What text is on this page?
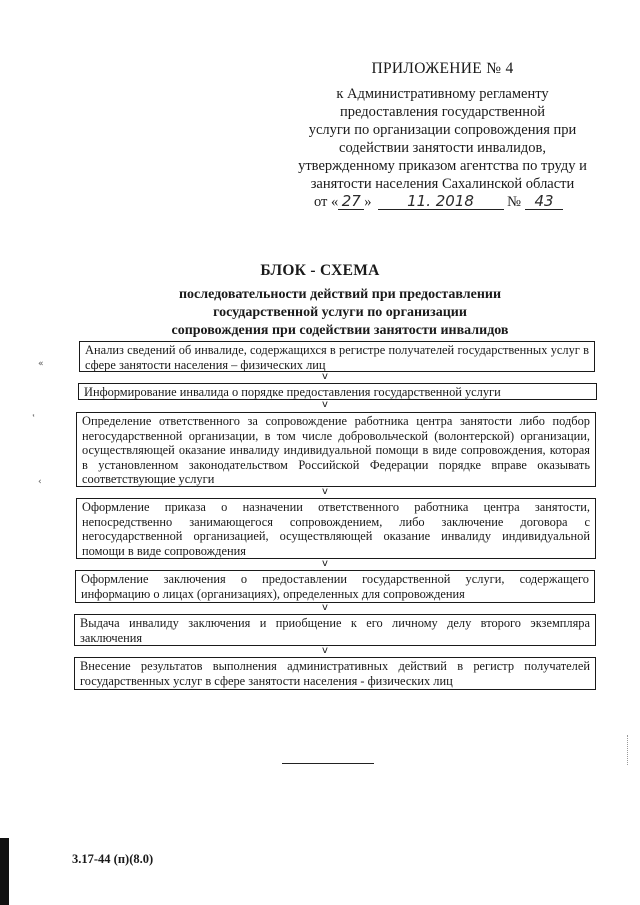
ПРИЛОЖЕНИЕ № 4
к Административному регламенту
предоставления государственной
услуги по организации сопровождения при
содействии занятости инвалидов,
утвержденному приказом агентства по труду и
занятости населения Сахалинской области
от « 27 » 11. 2018 № 43
БЛОК - СХЕМА
последовательности действий при предоставлении
государственной услуги по организации
сопровождения при содействии занятости инвалидов
Анализ сведений об инвалиде, содержащихся в регистре получателей государственных услуг в сфере занятости населения – физических лиц
v
Информирование инвалида о порядке предоставления государственной услуги
v
Определение ответственного за сопровождение работника центра занятости либо подбор негосударственной организации, в том числе добровольческой (волонтерской) организации, осуществляющей оказание инвалиду индивидуальной помощи в виде сопровождения, которая в установленном законодательством Российской Федерации порядке вправе оказывать соответствующие услуги
v
Оформление приказа о назначении ответственного работника центра занятости, непосредственно занимающегося сопровождением, либо заключение договора с негосударственной организацией, осуществляющей оказание инвалиду индивидуальной помощи в виде сопровождения
v
Оформление заключения о предоставлении государственной услуги, содержащего информацию о лицах (организациях), определенных для сопровождения
v
Выдача инвалиду заключения и приобщение к его личному делу второго экземпляра заключения
v
Внесение результатов выполнения административных действий в регистр получателей государственных услуг в сфере занятости населения - физических лиц
«
‹
3.17-44 (п)(8.0)
